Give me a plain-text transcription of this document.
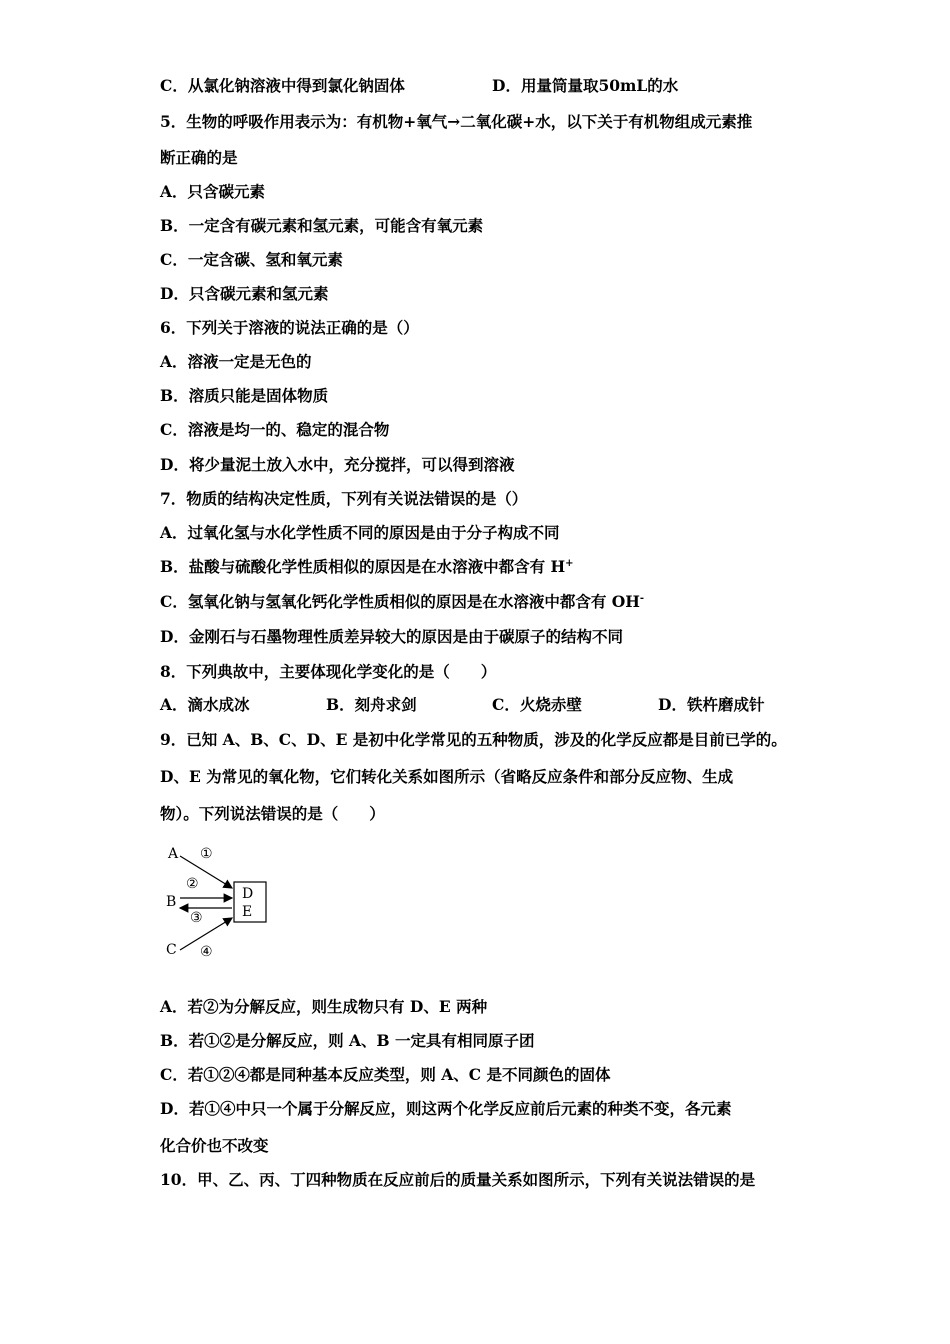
C．从氯化钠溶液中得到氯化钠固体	D．用量筒量取50mL的水
5．生物的呼吸作用表示为：有机物+氧气→二氧化碳+水，以下关于有机物组成元素推
断正确的是
A．只含碳元素
B．一定含有碳元素和氢元素，可能含有氧元素
C．一定含碳、氢和氧元素
D．只含碳元素和氢元素
6．下列关于溶液的说法正确的是（）
A．溶液一定是无色的
B．溶质只能是固体物质
C．溶液是均一的、稳定的混合物
D．将少量泥土放入水中，充分搅拌，可以得到溶液
7．物质的结构决定性质，下列有关说法错误的是（）
A．过氧化氢与水化学性质不同的原因是由于分子构成不同
B．盐酸与硫酸化学性质相似的原因是在水溶液中都含有 H+
C．氢氧化钠与氢氧化钙化学性质相似的原因是在水溶液中都含有 OH-
D．金刚石与石墨物理性质差异较大的原因是由于碳原子的结构不同
8．下列典故中，主要体现化学变化的是（　　）
A．滴水成冰	B．刻舟求剑	C．火烧赤壁	D．铁杵磨成针
9．已知 A、B、C、D、E 是初中化学常见的五种物质，涉及的化学反应都是目前已学的。
D、E 为常见的氧化物，它们转化关系如图所示（省略反应条件和部分反应物、生成
物）。下列说法错误的是（　　）
A ①
B
②
③
C ④
D
E
A．若②为分解反应，则生成物只有 D、E 两种
B．若①②是分解反应，则 A、B 一定具有相同原子团
C．若①②④都是同种基本反应类型，则 A、C 是不同颜色的固体
D．若①④中只一个属于分解反应，则这两个化学反应前后元素的种类不变，各元素
化合价也不改变
10．甲、乙、丙、丁四种物质在反应前后的质量关系如图所示，下列有关说法错误的是
